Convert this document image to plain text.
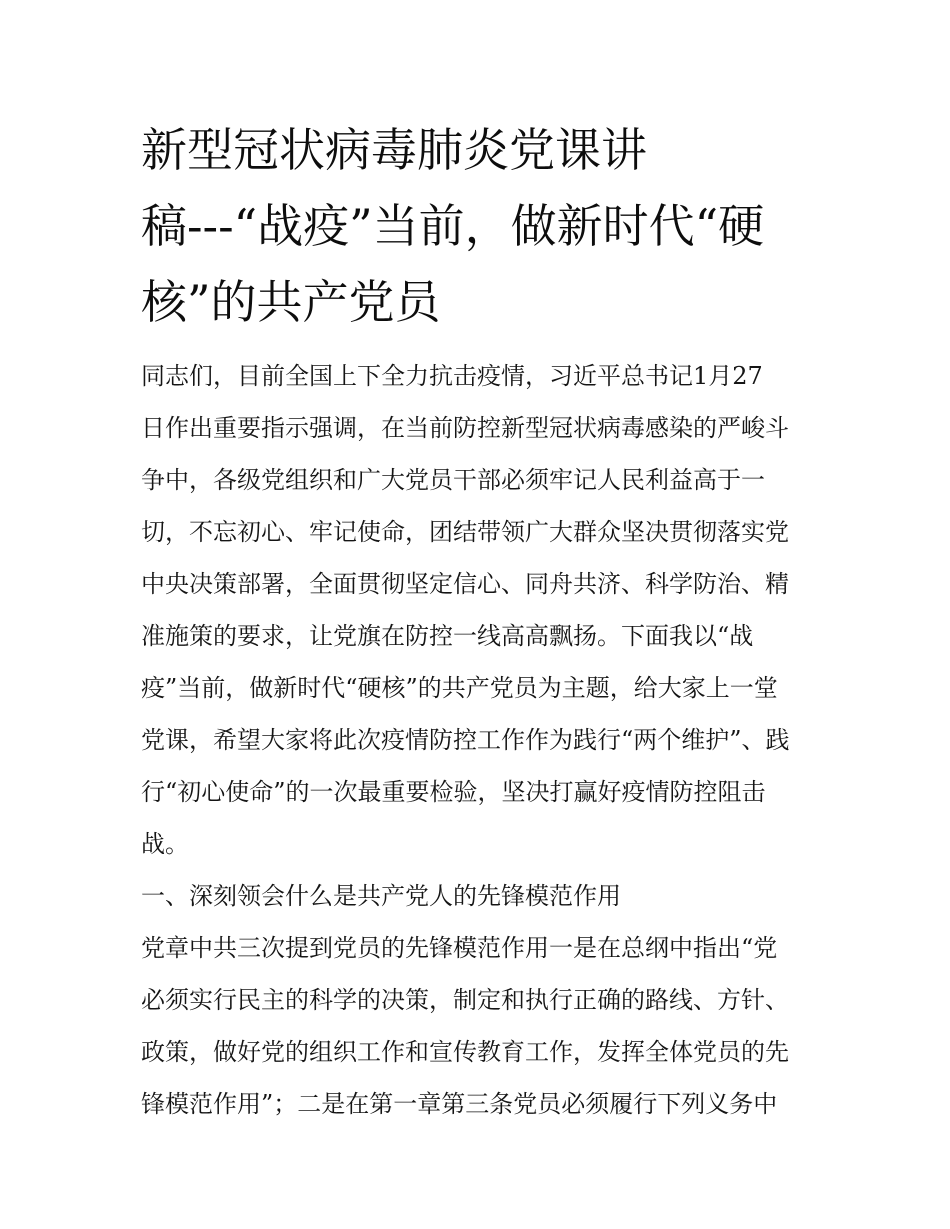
新型冠状病毒肺炎党课讲
稿---“战疫”当前，做新时代“硬
核”的共产党员
同志们，目前全国上下全力抗击疫情，习近平总书记1月27
日作出重要指示强调，在当前防控新型冠状病毒感染的严峻斗
争中，各级党组织和广大党员干部必须牢记人民利益高于一
切，不忘初心、牢记使命，团结带领广大群众坚决贯彻落实党
中央决策部署，全面贯彻坚定信心、同舟共济、科学防治、精
准施策的要求，让党旗在防控一线高高飘扬。下面我以“战
疫”当前，做新时代“硬核”的共产党员为主题，给大家上一堂
党课，希望大家将此次疫情防控工作作为践行“两个维护”、践
行“初心使命”的一次最重要检验，坚决打赢好疫情防控阻击
战。
一、深刻领会什么是共产党人的先锋模范作用
党章中共三次提到党员的先锋模范作用一是在总纲中指出“党
必须实行民主的科学的决策，制定和执行正确的路线、方针、
政策，做好党的组织工作和宣传教育工作，发挥全体党员的先
锋模范作用”；二是在第一章第三条党员必须履行下列义务中
